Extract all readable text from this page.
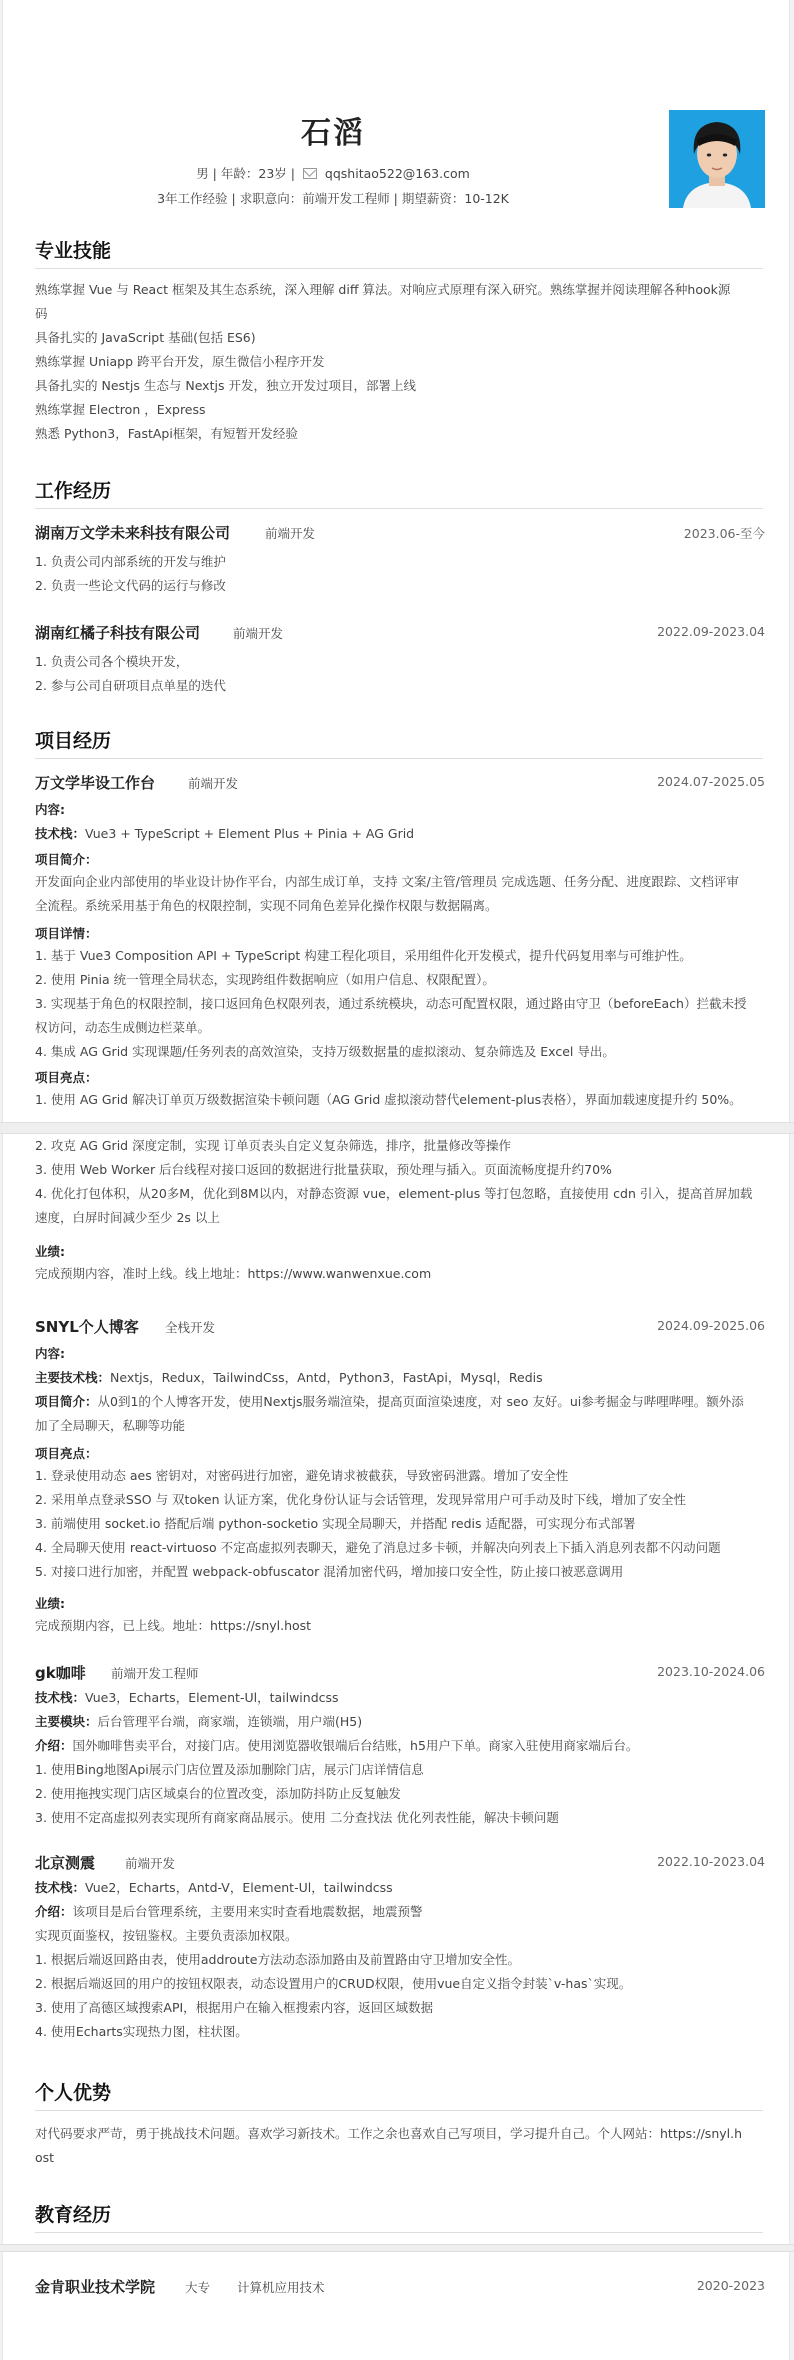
石滔
男 | 年龄：23岁 | qqshitao522@163.com
3年工作经验 | 求职意向：前端开发工程师 | 期望薪资：10-12K
专业技能
熟练掌握 Vue 与 React 框架及其生态系统，深入理解 diff 算法。对响应式原理有深入研究。熟练掌握并阅读理解各种hook源
码
具备扎实的 JavaScript 基础(包括 ES6)
熟练掌握 Uniapp 跨平台开发，原生微信小程序开发
具备扎实的 Nestjs 生态与 Nextjs 开发，独立开发过项目，部署上线
熟练掌握 Electron ，Express
熟悉 Python3，FastApi框架，有短暂开发经验
工作经历
湖南万文学未来科技有限公司	前端开发	2023.06-至今
1. 负责公司内部系统的开发与维护
2. 负责一些论文代码的运行与修改
湖南红橘子科技有限公司	前端开发	2022.09-2023.04
1. 负责公司各个模块开发，
2. 参与公司自研项目点单星的迭代
项目经历
万文学毕设工作台	前端开发	2024.07-2025.05
内容:
技术栈：Vue3 + TypeScript + Element Plus + Pinia + AG Grid
项目简介：
开发面向企业内部使用的毕业设计协作平台，内部生成订单，支持 文案/主管/管理员 完成选题、任务分配、进度跟踪、文档评审
全流程。系统采用基于角色的权限控制，实现不同角色差异化操作权限与数据隔离。
项目详情：
1. 基于 Vue3 Composition API + TypeScript 构建工程化项目，采用组件化开发模式，提升代码复用率与可维护性。
2. 使用 Pinia 统一管理全局状态，实现跨组件数据响应（如用户信息、权限配置）。
3. 实现基于角色的权限控制，接口返回角色权限列表，通过系统模块，动态可配置权限，通过路由守卫（beforeEach）拦截未授
权访问，动态生成侧边栏菜单。
4. 集成 AG Grid 实现课题/任务列表的高效渲染，支持万级数据量的虚拟滚动、复杂筛选及 Excel 导出。
项目亮点：
1. 使用 AG Grid 解决订单页万级数据渲染卡顿问题（AG Grid 虚拟滚动替代element-plus表格），界面加载速度提升约 50%。
2. 攻克 AG Grid 深度定制，实现 订单页表头自定义复杂筛选，排序，批量修改等操作
3. 使用 Web Worker 后台线程对接口返回的数据进行批量获取，预处理与插入。页面流畅度提升约70%
4. 优化打包体积，从20多M，优化到8M以内，对静态资源 vue，element-plus 等打包忽略，直接使用 cdn 引入，提高首屏加载
速度，白屏时间减少至少 2s 以上
业绩:
完成预期内容，准时上线。线上地址：https://www.wanwenxue.com
SNYL个人博客 全栈开发	2024.09-2025.06
内容:
主要技术栈：Nextjs，Redux，TailwindCss，Antd，Python3，FastApi，Mysql，Redis
项目简介：从0到1的个人博客开发，使用Nextjs服务端渲染，提高页面渲染速度，对 seo 友好。ui参考掘金与哔哩哔哩。额外添
加了全局聊天，私聊等功能
项目亮点：
1. 登录使用动态 aes 密钥对，对密码进行加密，避免请求被截获，导致密码泄露。增加了安全性
2. 采用单点登录SSO 与 双token 认证方案，优化身份认证与会话管理，发现异常用户可手动及时下线，增加了安全性
3. 前端使用 socket.io 搭配后端 python-socketio 实现全局聊天，并搭配 redis 适配器，可实现分布式部署
4. 全局聊天使用 react-virtuoso 不定高虚拟列表聊天，避免了消息过多卡顿，并解决向列表上下插入消息列表都不闪动问题
5. 对接口进行加密，并配置 webpack-obfuscator 混淆加密代码，增加接口安全性，防止接口被恶意调用
业绩:
完成预期内容，已上线。地址：https://snyl.host
gk咖啡 前端开发工程师	2023.10-2024.06
技术栈：Vue3，Echarts，Element-Ul，tailwindcss
主要模块：后台管理平台端，商家端，连锁端，用户端(H5)
介绍：国外咖啡售卖平台，对接门店。使用浏览器收银端后台结账，h5用户下单。商家入驻使用商家端后台。
1. 使用Bing地图Api展示门店位置及添加删除门店，展示门店详情信息
2. 使用拖拽实现门店区域桌台的位置改变，添加防抖防止反复触发
3. 使用不定高虚拟列表实现所有商家商品展示。使用 二分查找法 优化列表性能，解决卡顿问题
北京测震 前端开发	2022.10-2023.04
技术栈：Vue2，Echarts，Antd-V，Element-Ul，tailwindcss
介绍：该项目是后台管理系统，主要用来实时查看地震数据，地震预警
实现页面鉴权，按钮鉴权。主要负责添加权限。
1. 根据后端返回路由表，使用addroute方法动态添加路由及前置路由守卫增加安全性。
2. 根据后端返回的用户的按钮权限表，动态设置用户的CRUD权限，使用vue自定义指令封装`v-has`实现。
3. 使用了高德区域搜索API，根据用户在输入框搜索内容，返回区域数据
4. 使用Echarts实现热力图，柱状图。
个人优势
对代码要求严苛，勇于挑战技术问题。喜欢学习新技术。工作之余也喜欢自己写项目，学习提升自己。个人网站：https://snyl.h
ost
教育经历
金肯职业技术学院 大专 计算机应用技术	2020-2023
